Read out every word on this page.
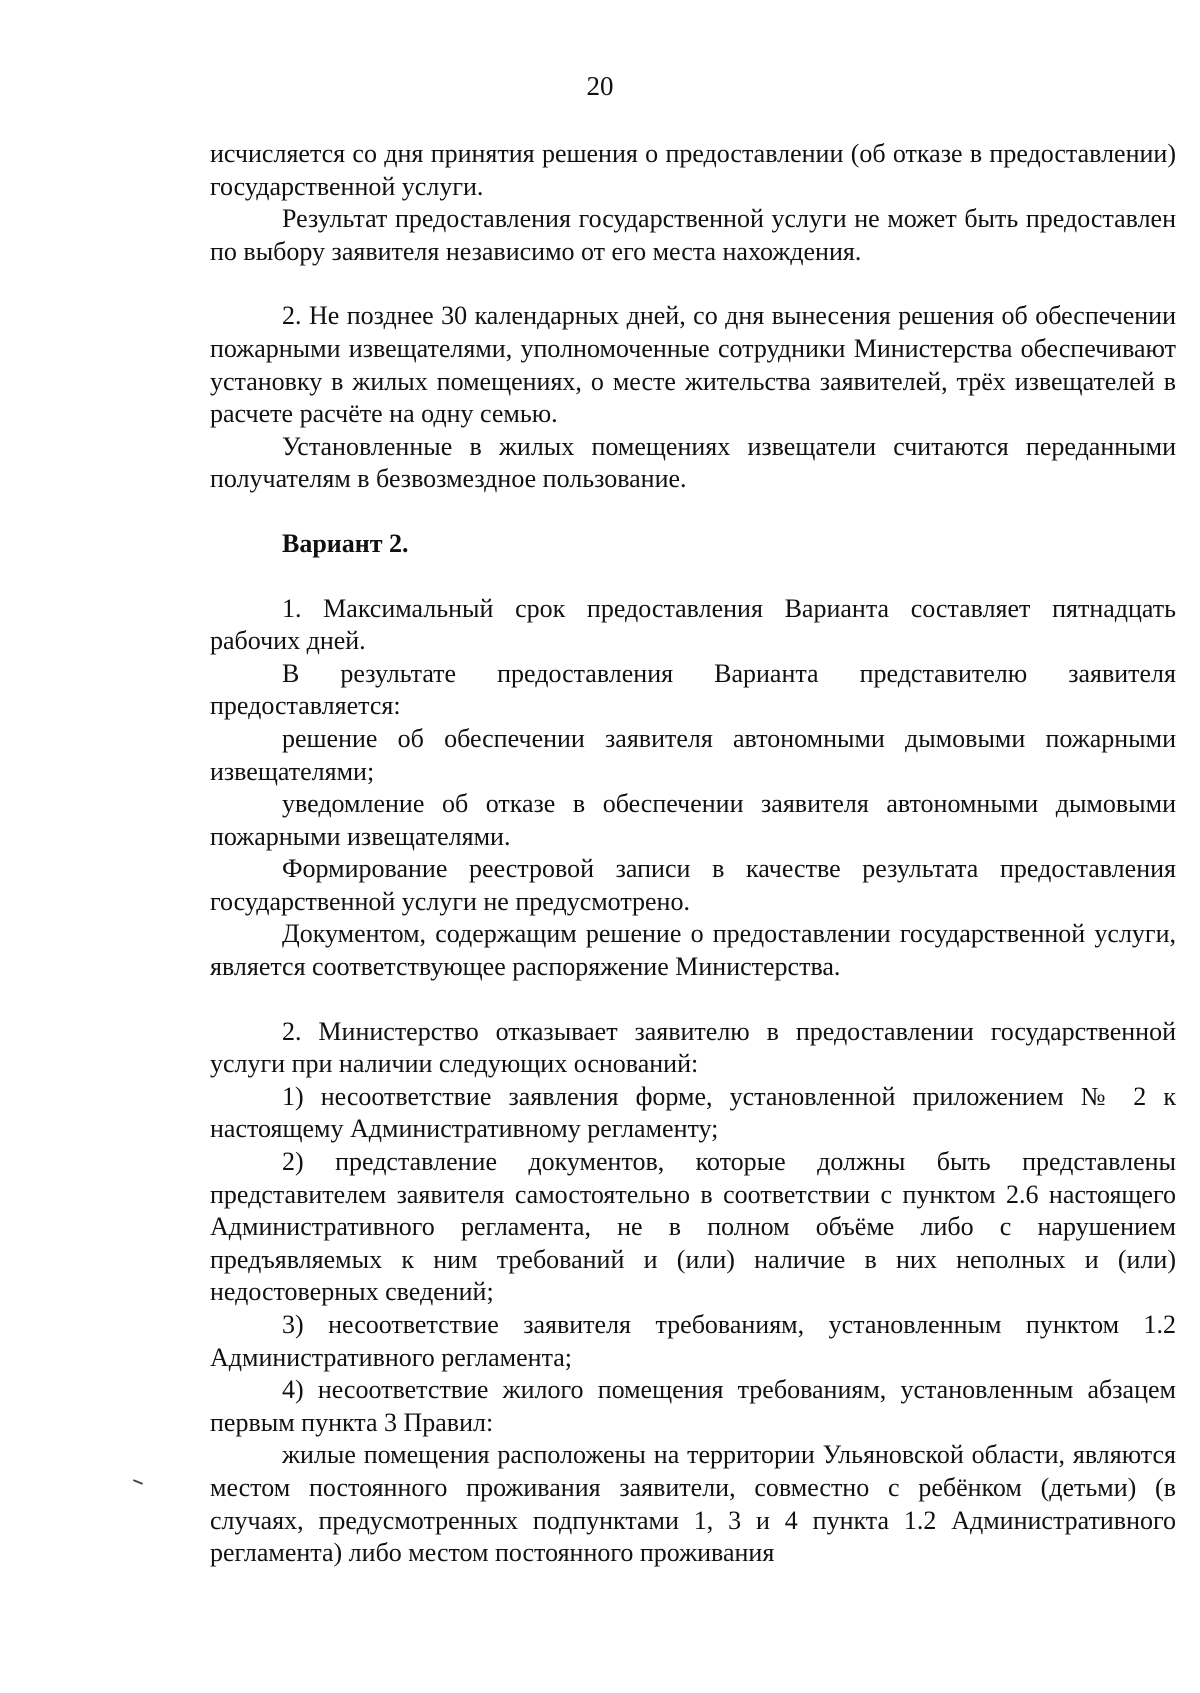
20

исчисляется со дня принятия решения о предоставлении (об отказе в предоставлении) государственной услуги.

Результат предоставления государственной услуги не может быть предоставлен по выбору заявителя независимо от его места нахождения.

2. Не позднее 30 календарных дней, со дня вынесения решения об обеспечении пожарными извещателями, уполномоченные сотрудники Министерства обеспечивают установку в жилых помещениях, о месте жительства заявителей, трёх извещателей в расчете расчёте на одну семью.

Установленные в жилых помещениях извещатели считаются переданными получателям в безвозмездное пользование.

Вариант 2.

1. Максимальный срок предоставления Варианта составляет пятнадцать рабочих дней.

В результате предоставления Варианта представителю заявителя предоставляется:

решение об обеспечении заявителя автономными дымовыми пожарными извещателями;

уведомление об отказе в обеспечении заявителя автономными дымовыми пожарными извещателями.

Формирование реестровой записи в качестве результата предоставления государственной услуги не предусмотрено.

Документом, содержащим решение о предоставлении государственной услуги, является соответствующее распоряжение Министерства.

2. Министерство отказывает заявителю в предоставлении государственной услуги при наличии следующих оснований:

1) несоответствие заявления форме, установленной приложением № 2 к настоящему Административному регламенту;

2) представление документов, которые должны быть представлены представителем заявителя самостоятельно в соответствии с пунктом 2.6 настоящего Административного регламента, не в полном объёме либо с нарушением предъявляемых к ним требований и (или) наличие в них неполных и (или) недостоверных сведений;

3) несоответствие заявителя требованиям, установленным пунктом 1.2 Административного регламента;

4) несоответствие жилого помещения требованиям, установленным абзацем первым пункта 3 Правил:

жилые помещения расположены на территории Ульяновской области, являются местом постоянного проживания заявители, совместно с ребёнком (детьми) (в случаях, предусмотренных подпунктами 1, 3 и 4 пункта 1.2 Административного регламента) либо местом постоянного проживания
